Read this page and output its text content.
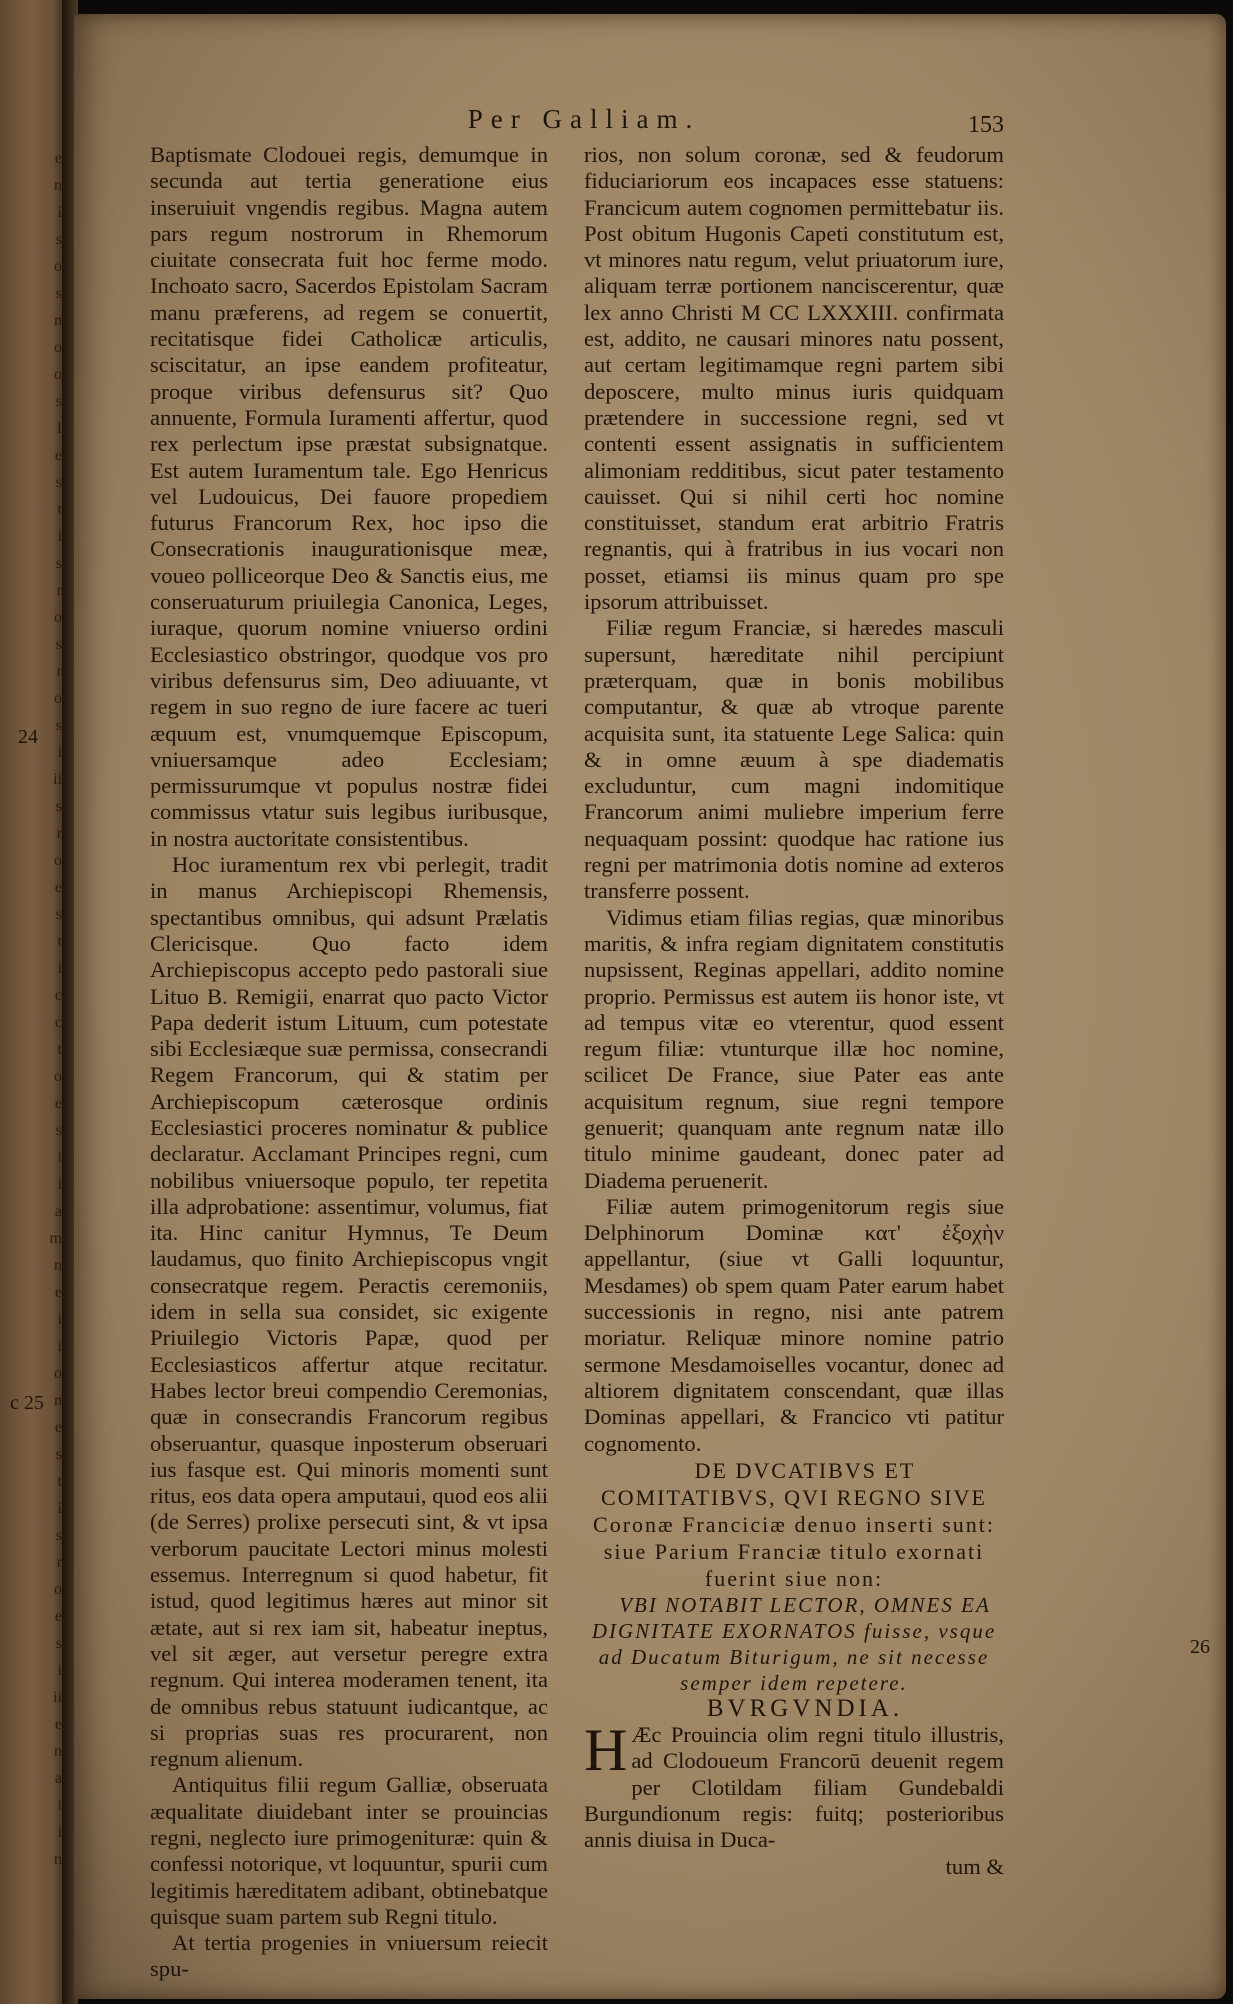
e
n
i
s
o
s
n
o
o
s
I
e
s
t
i
s
r
o
s
r
o
s
i
ii
s
r
o
e
s
t
i
c
c
t
o
e
s
i
i
a
m
n
e
i
i
o
n
e
s
t
i
s
r
o
e
s
i
ii
e
n
a
i
i
n
Per Galliam.	153

Baptismate Clodouei regis, demumque in secunda aut tertia generatione eius inseruiuit vngendis regibus. Magna autem pars regum nostrorum in Rhemorum ciuitate consecrata fuit hoc ferme modo. Inchoato sacro, Sacerdos Epistolam Sacram manu præferens, ad regem se conuertit, recitatisque fidei Catholicæ articulis, sciscitatur, an ipse eandem profiteatur, proque viribus defensurus sit? Quo annuente, Formula Iuramenti affertur, quod rex perlectum ipse præstat subsignatque. Est autem Iuramentum tale. Ego Henricus vel Ludouicus, Dei fauore propediem futurus Francorum Rex, hoc ipso die Consecrationis inaugurationisque meæ, voueo polliceorque Deo & Sanctis eius, me conseruaturum priuilegia Canonica, Leges, iuraque, quorum nomine vniuerso ordini Ecclesiastico obstringor, quodque vos pro viribus defensurus sim, Deo adiuuante, vt regem in suo regno de iure facere ac tueri æquum est, vnumquemque Episcopum, vniuersamque adeo Ecclesiam; permissurumque vt populus nostræ fidei commissus vtatur suis legibus iuribusque, in nostra auctoritate consistentibus.

Hoc iuramentum rex vbi perlegit, tradit in manus Archiepiscopi Rhemensis, spectantibus omnibus, qui adsunt Prælatis Clericisque. Quo facto idem Archiepiscopus accepto pedo pastorali siue Lituo B. Remigii, enarrat quo pacto Victor Papa dederit istum Lituum, cum potestate sibi Ecclesiæque suæ permissa, consecrandi Regem Francorum, qui & statim per Archiepiscopum cæterosque ordinis Ecclesiastici proceres nominatur & publice declaratur. Acclamant Principes regni, cum nobilibus vniuersoque populo, ter repetita illa adprobatione: assentimur, volumus, fiat ita. Hinc canitur Hymnus, Te Deum laudamus, quo finito Archiepiscopus vngit consecratque regem. Peractis ceremoniis, idem in sella sua considet, sic exigente Priuilegio Victoris Papæ, quod per Ecclesiasticos affertur atque recitatur. Habes lector breui compendio Ceremonias, quæ in consecrandis Francorum regibus obseruantur, quasque inposterum obseruari ius fasque est. Qui minoris momenti sunt ritus, eos data opera amputaui, quod eos alii (de Serres) prolixe persecuti sint, & vt ipsa verborum paucitate Lectori minus molesti essemus. Interregnum si quod habetur, fit istud, quod legitimus hæres aut minor sit ætate, aut si rex iam sit, habeatur ineptus, vel sit æger, aut versetur peregre extra regnum. Qui interea moderamen tenent, ita de omnibus rebus statuunt iudicantque, ac si proprias suas res procurarent, non regnum alienum.

Antiquitus filii regum Galliæ, obseruata æqualitate diuidebant inter se prouincias regni, neglecto iure primogenituræ: quin & confessi notorique, vt loquuntur, spurii cum legitimis hæreditatem adibant, obtinebatque quisque suam partem sub Regni titulo.

At tertia progenies in vniuersum reiecit spu-

24
c 25

rios, non solum coronæ, sed & feudorum fiduciariorum eos incapaces esse statuens: Francicum autem cognomen permittebatur iis. Post obitum Hugonis Capeti constitutum est, vt minores natu regum, velut priuatorum iure, aliquam terræ portionem nanciscerentur, quæ lex anno Christi M CC LXXXIII. confirmata est, addito, ne causari minores natu possent, aut certam legitimamque regni partem sibi deposcere, multo minus iuris quidquam prætendere in successione regni, sed vt contenti essent assignatis in sufficientem alimoniam redditibus, sicut pater testamento cauisset. Qui si nihil certi hoc nomine constituisset, standum erat arbitrio Fratris regnantis, qui à fratribus in ius vocari non posset, etiamsi iis minus quam pro spe ipsorum attribuisset.

Filiæ regum Franciæ, si hæredes masculi supersunt, hæreditate nihil percipiunt præterquam, quæ in bonis mobilibus computantur, & quæ ab vtroque parente acquisita sunt, ita statuente Lege Salica: quin & in omne æuum à spe diadematis excluduntur, cum magni indomitique Francorum animi muliebre imperium ferre nequaquam possint: quodque hac ratione ius regni per matrimonia dotis nomine ad exteros transferre possent.

Vidimus etiam filias regias, quæ minoribus maritis, & infra regiam dignitatem constitutis nupsissent, Reginas appellari, addito nomine proprio. Permissus est autem iis honor iste, vt ad tempus vitæ eo vterentur, quod essent regum filiæ: vtunturque illæ hoc nomine, scilicet De France, siue Pater eas ante acquisitum regnum, siue regni tempore genuerit; quanquam ante regnum natæ illo titulo minime gaudeant, donec pater ad Diadema peruenerit.

Filiæ autem primogenitorum regis siue Delphinorum Dominæ κατ' ἐξοχὴν appellantur, (siue vt Galli loquuntur, Mesdames) ob spem quam Pater earum habet successionis in regno, nisi ante patrem moriatur. Reliquæ minore nomine patrio sermone Mesdamoiselles vocantur, donec ad altiorem dignitatem conscendant, quæ illas Dominas appellari, & Francico vti patitur cognomento.

DE DVCATIBVS ET COMITATIBVS, QVI REGNO SIVE Coronæ Franciciæ denuo inserti sunt: siue Parium Franciæ titulo exornati fuerint siue non:

VBI NOTABIT LECTOR, OMNES EA DIGNITATE EXORNATOS fuisse, vsque ad Ducatum Biturigum, ne sit necesse semper idem repetere.

BVRGVNDIA.

H Æc Prouincia olim regni titulo illustris, ad Clodoueum Francorū deuenit regem per Clotildam filiam Gundebaldi Burgundionum regis: fuitq; posterioribus annis diuisa in Duca-

tum &

26
